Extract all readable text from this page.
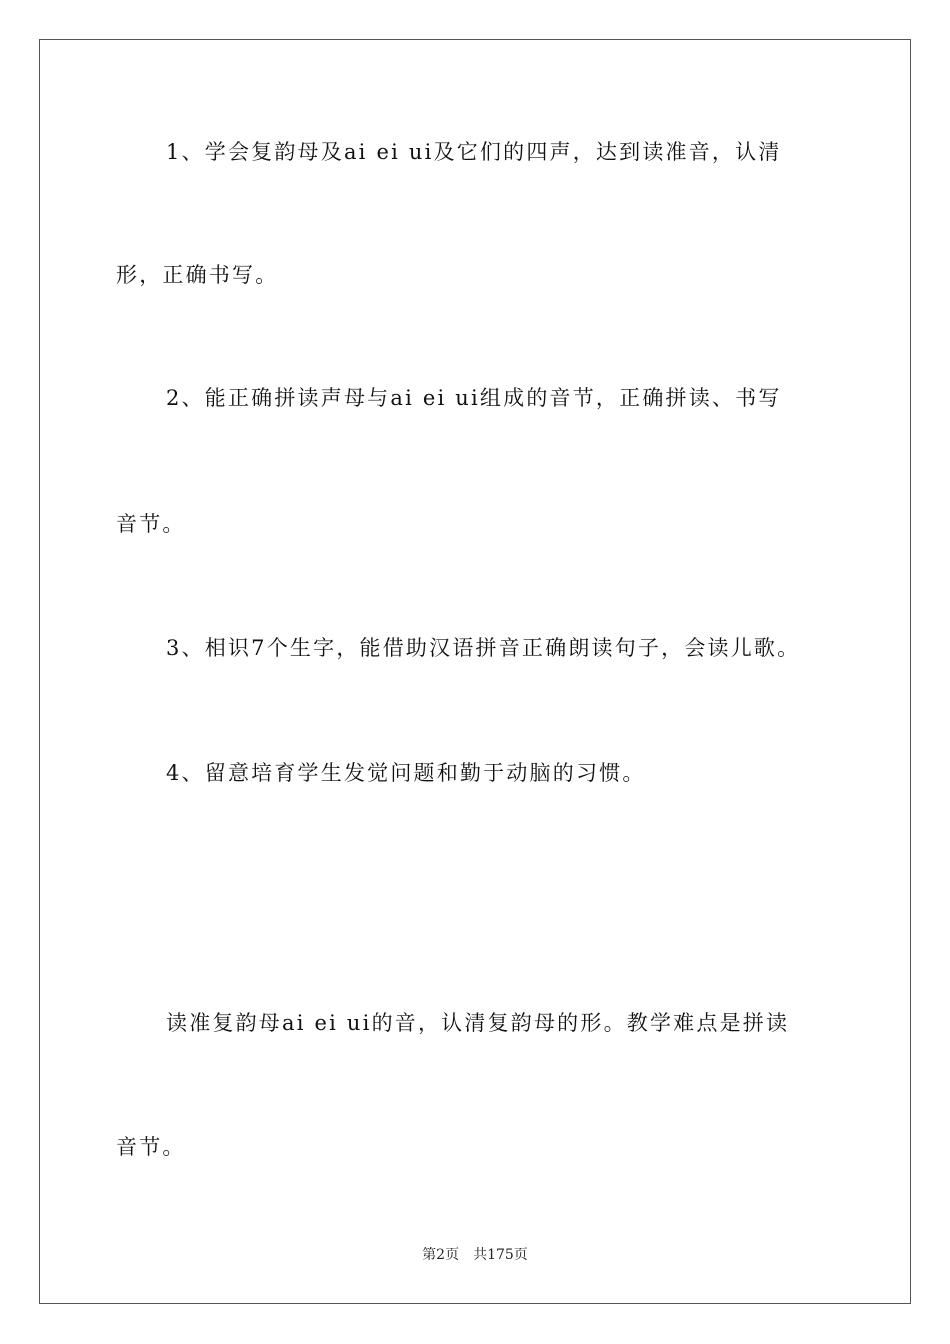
1、学会复韵母及ai ei ui及它们的四声，达到读准音，认清
形，正确书写。
2、能正确拼读声母与ai ei ui组成的音节，正确拼读、书写
音节。
3、相识7个生字，能借助汉语拼音正确朗读句子，会读儿歌。
4、留意培育学生发觉问题和勤于动脑的习惯。
读准复韵母ai ei ui的音，认清复韵母的形。教学难点是拼读
音节。
第2页　共175页
